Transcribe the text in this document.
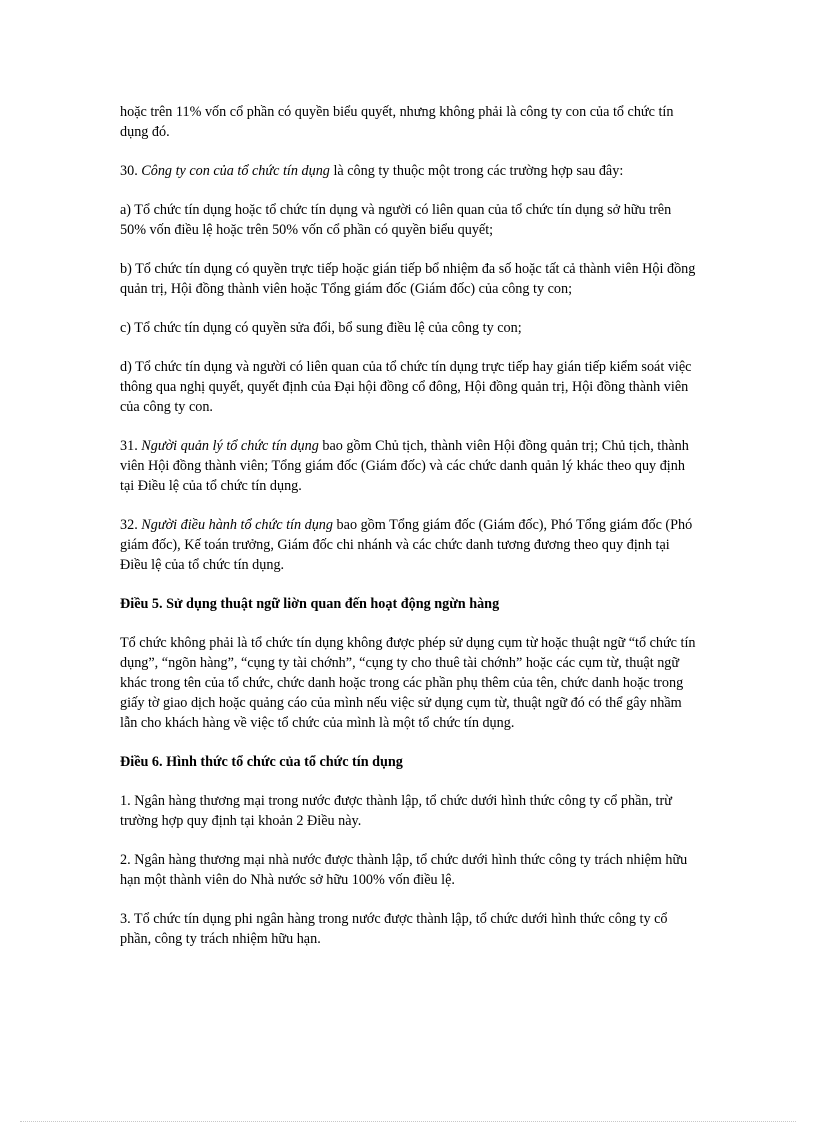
hoặc trên 11% vốn cổ phần có quyền biểu quyết, nhưng không phải là công ty con của tổ chức tín dụng đó.

30. Công ty con của tổ chức tín dụng là công ty thuộc một trong các trường hợp sau đây:

a) Tổ chức tín dụng hoặc tổ chức tín dụng và người có liên quan của tổ chức tín dụng sở hữu trên 50% vốn điều lệ hoặc trên 50% vốn cổ phần có quyền biểu quyết;

b) Tổ chức tín dụng có quyền trực tiếp hoặc gián tiếp bổ nhiệm đa số hoặc tất cả thành viên Hội đồng quản trị, Hội đồng thành viên hoặc Tổng giám đốc (Giám đốc) của công ty con;

c) Tổ chức tín dụng có quyền sửa đổi, bổ sung điều lệ của công ty con;

d) Tổ chức tín dụng và người có liên quan của tổ chức tín dụng trực tiếp hay gián tiếp kiểm soát việc thông qua nghị quyết, quyết định của Đại hội đồng cổ đông, Hội đồng quản trị, Hội đồng thành viên của công ty con.

31. Người quản lý tổ chức tín dụng bao gồm Chủ tịch, thành viên Hội đồng quản trị; Chủ tịch, thành viên Hội đồng thành viên; Tổng giám đốc (Giám đốc) và các chức danh quản lý khác theo quy định tại Điều lệ của tổ chức tín dụng.

32. Người điều hành tổ chức tín dụng bao gồm Tổng giám đốc (Giám đốc), Phó Tổng giám đốc (Phó giám đốc), Kế toán trưởng, Giám đốc chi nhánh và các chức danh tương đương theo quy định tại Điều lệ của tổ chức tín dụng.

Điều 5. Sử dụng thuật ngữ liờn quan đến hoạt động ngừn hàng

Tổ chức không phải là tổ chức tín dụng không được phép sử dụng cụm từ hoặc thuật ngữ “tổ chức tín dụng”, “ngõn hàng”, “cụng ty tài chớnh”, “cụng ty cho thuê tài chớnh” hoặc các cụm từ, thuật ngữ khác trong tên của tổ chức, chức danh hoặc trong các phần phụ thêm của tên, chức danh hoặc trong giấy tờ giao dịch hoặc quảng cáo của mình nếu việc sử dụng cụm từ, thuật ngữ đó có thể gây nhầm lẫn cho khách hàng về việc tổ chức của mình là một tổ chức tín dụng.

Điều 6. Hình thức tổ chức của tổ chức tín dụng

1. Ngân hàng thương mại trong nước được thành lập, tổ chức dưới hình thức công ty cổ phần, trừ trường hợp quy định tại khoản 2 Điều này.

2. Ngân hàng thương mại nhà nước được thành lập, tổ chức dưới hình thức công ty trách nhiệm hữu hạn một thành viên do Nhà nước sở hữu 100% vốn điều lệ.

3. Tổ chức tín dụng phi ngân hàng trong nước được thành lập, tổ chức dưới hình thức công ty cổ phần, công ty trách nhiệm hữu hạn.
